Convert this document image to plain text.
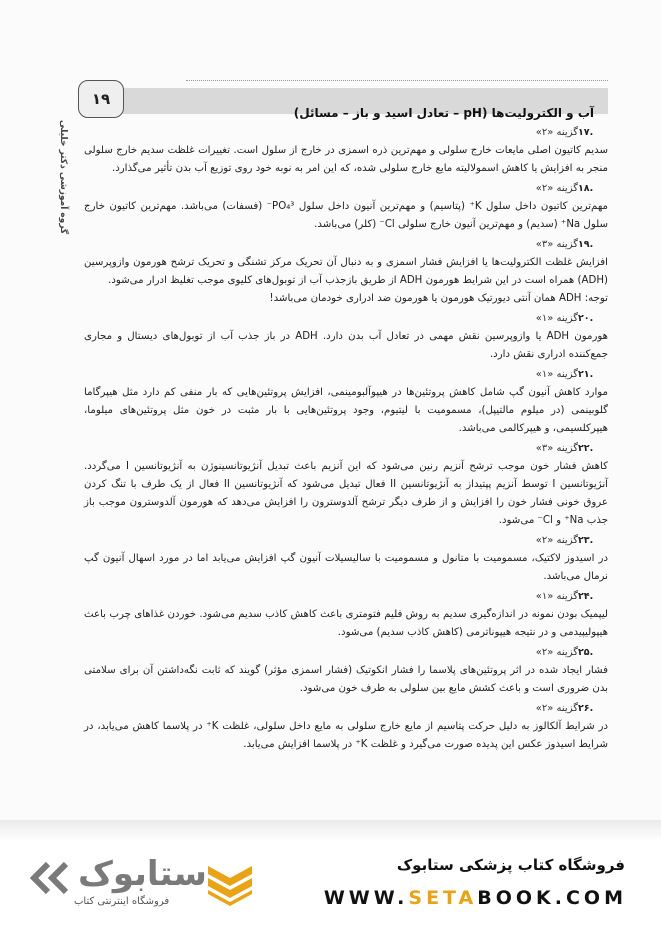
آب و الکترولیت‌ها (pH – تعادل اسید و باز – مسائل)
۱۹
گروه آموزشی دکتر خلیلی	۱۷.
گزینه «۲»
سدیم کاتیون اصلی مایعات خارج سلولی و مهم‌ترین ذره اسمزی در خارج از سلول است. تغییرات غلظت سدیم خارج سلولی منجر به افزایش یا کاهش اسمولالیته مایع خارج سلولی شده، که این امر به نوبه خود روی توزیع آب بدن تأثیر می‌گذارد.
۱۸.
گزینه «۲»
مهم‌ترین کاتیون داخل سلول K⁺ (پتاسیم) و مهم‌ترین آنیون داخل سلول PO₄³⁻ (فسفات) می‌باشد. مهم‌ترین کاتیون خارج سلول Na⁺ (سدیم) و مهم‌ترین آنیون خارج سلولی Cl⁻ (کلر) می‌باشد.
۱۹.
گزینه «۳»
افزایش غلظت الکترولیت‌ها یا افزایش فشار اسمزی و به دنبال آن تحریک مرکز تشنگی و تحریک ترشح هورمون وازوپرسین (ADH) همراه است در این شرایط هورمون ADH از طریق بازجذب آب از توبول‌های کلیوی موجب تغلیظ ادرار می‌شود.
توجه: ADH همان آنتی دیورتیک هورمون یا هورمون ضد ادراری خودمان می‌باشد!
۲۰.
گزینه «۱»
هورمون ADH یا وازوپرسین نقش مهمی در تعادل آب بدن دارد. ADH در باز جذب آب از توبول‌های دیستال و مجاری جمع‌کننده ادراری نقش دارد.
۲۱.
گزینه «۱»
موارد کاهش آنیون گپ شامل کاهش پروتئین‌ها در هیپوآلبومینمی، افزایش پروتئین‌هایی که بار منفی کم دارد مثل هیپرگاما گلوبینمی (در میلوم مالتیپل)، مسمومیت با لیتیوم، وجود پروتئین‌هایی با بار مثبت در خون مثل پروتئین‌های میلوما، هیپرکلسیمی، و هیپرکالمی می‌باشد.
۲۲.
گزینه «۳»
کاهش فشار خون موجب ترشح آنزیم رنین می‌شود که این آنزیم باعث تبدیل آنژیوتانسینوژن به آنژیوتانسین I می‌گردد. آنژیوتانسین I توسط آنزیم پپتیداز به آنژیوتانسین II فعال تبدیل می‌شود که آنژیوتانسین II فعال از یک طرف با تنگ کردن عروق خونی فشار خون را افزایش و از طرف دیگر ترشح آلدوسترون را افزایش می‌دهد که هورمون آلدوسترون موجب باز جذب Na⁺ و Cl⁻ می‌شود.
۲۳.
گزینه «۲»
در اسیدوز لاکتیک، مسمومیت با متانول و مسمومیت با سالیسیلات آنیون گپ افزایش می‌یابد اما در مورد اسهال آنیون گپ نرمال می‌باشد.
۲۴.
گزینه «۱»
لیپمیک بودن نمونه در اندازه‌گیری سدیم به روش فلیم فتومتری باعث کاهش کاذب سدیم می‌شود. خوردن غذاهای چرب باعث هیپولیپیدمی و در نتیجه هیپوناترمی (کاهش کاذب سدیم) می‌شود.
۲۵.
گزینه «۲»
فشار ایجاد شده در اثر پروتئین‌های پلاسما را فشار انکوتیک (فشار اسمزی مؤثر) گویند که ثابت نگه‌داشتن آن برای سلامتی بدن ضروری است و باعث کشش مایع بین سلولی به طرف خون می‌شود.
۲۶.
گزینه «۲»
در شرایط آلکالوز به دلیل حرکت پتاسیم از مایع خارج سلولی به مایع داخل سلولی، غلظت K⁺ در پلاسما کاهش می‌یابد، در شرایط اسیدوز عکس این پدیده صورت می‌گیرد و غلظت K⁺ در پلاسما افزایش می‌یابد.
ستابوک
فروشگاه اینترنتی کتاب
فروشگاه کتاب پزشکی ستابوک
WWW.SETABOOK.COM
